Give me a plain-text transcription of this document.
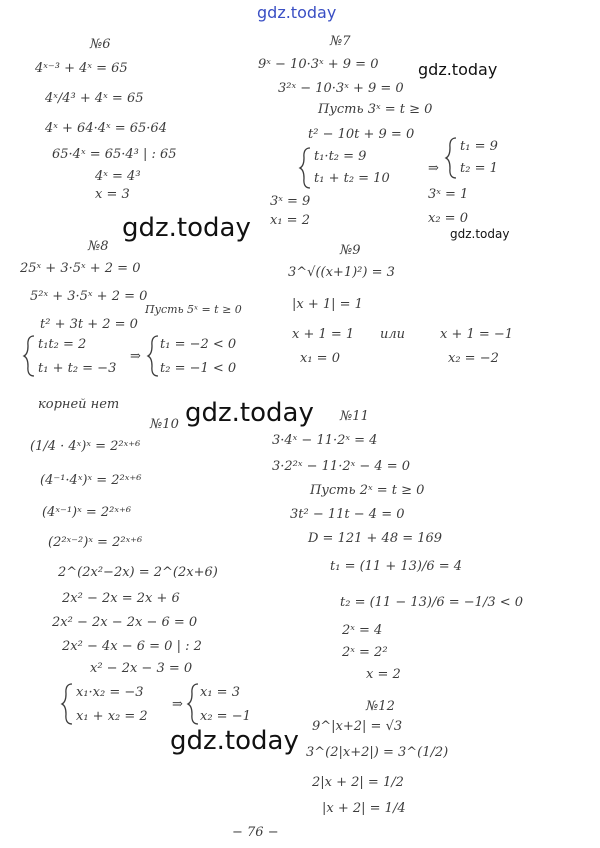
gdz.today
№6
4ˣ⁻³ + 4ˣ = 65
4ˣ/4³ + 4ˣ = 65
4ˣ + 64·4ˣ = 65·64
65·4ˣ = 65·4³ | : 65
4ˣ = 4³
x = 3
№7
9ˣ − 10·3ˣ + 9 = 0
3²ˣ − 10·3ˣ + 9 = 0
Пусть 3ˣ = t ≥ 0
t² − 10t + 9 = 0
t₁·t₂ = 9
t₁ + t₂ = 10
⇒
t₁ = 9
t₂ = 1
3ˣ = 9	3ˣ = 1
x₁ = 2	x₂ = 0
gdz.today
gdz.today
gdz.today
№8
25ˣ + 3·5ˣ + 2 = 0
5²ˣ + 3·5ˣ + 2 = 0
Пусть 5ˣ = t ≥ 0
t² + 3t + 2 = 0
t₁t₂ = 2
t₁ + t₂ = −3
⇒
t₁ = −2 < 0
t₂ = −1 < 0
корней нет
№9
3^√((x+1)²) = 3
|x + 1| = 1
x + 1 = 1 или	x + 1 = −1
x₁ = 0	x₂ = −2
gdz.today
№10
(1/4 · 4ˣ)ˣ = 2²ˣ⁺⁶
(4⁻¹·4ˣ)ˣ = 2²ˣ⁺⁶
(4ˣ⁻¹)ˣ = 2²ˣ⁺⁶
(2²ˣ⁻²)ˣ = 2²ˣ⁺⁶
2^(2x²−2x) = 2^(2x+6)
2x² − 2x = 2x + 6
2x² − 2x − 2x − 6 = 0
2x² − 4x − 6 = 0 | : 2
x² − 2x − 3 = 0
x₁·x₂ = −3
x₁ + x₂ = 2
⇒
x₁ = 3
x₂ = −1
gdz.today
№11
3·4ˣ − 11·2ˣ = 4
3·2²ˣ − 11·2ˣ − 4 = 0
Пусть 2ˣ = t ≥ 0
3t² − 11t − 4 = 0
D = 121 + 48 = 169
t₁ = (11 + 13)/6 = 4
t₂ = (11 − 13)/6 = −1/3 < 0
2ˣ = 4
2ˣ = 2²
x = 2
№12
9^|x+2| = √3
3^(2|x+2|) = 3^(1/2)
2|x + 2| = 1/2
|x + 2| = 1/4
− 76 −
